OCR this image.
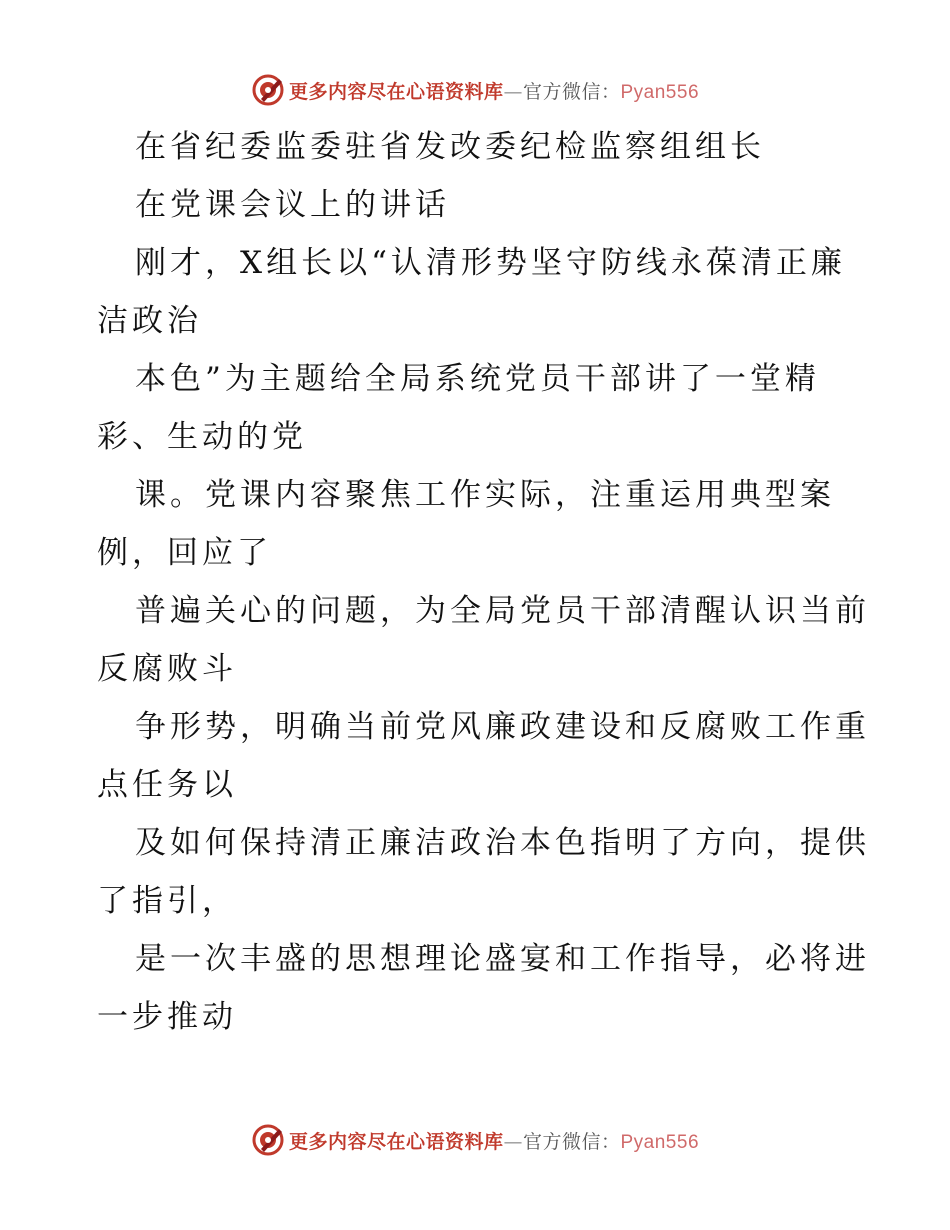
更多内容尽在心语资料库—官方微信：Pyan556
在省纪委监委驻省发改委纪检监察组组长
在党课会议上的讲话
刚才，X组长以“认清形势坚守防线永葆清正廉
洁政治
本色”为主题给全局系统党员干部讲了一堂精
彩、生动的党
课。党课内容聚焦工作实际，注重运用典型案
例，回应了
普遍关心的问题，为全局党员干部清醒认识当前
反腐败斗
争形势，明确当前党风廉政建设和反腐败工作重
点任务以
及如何保持清正廉洁政治本色指明了方向，提供
了指引，
是一次丰盛的思想理论盛宴和工作指导，必将进
一步推动
更多内容尽在心语资料库—官方微信：Pyan556
